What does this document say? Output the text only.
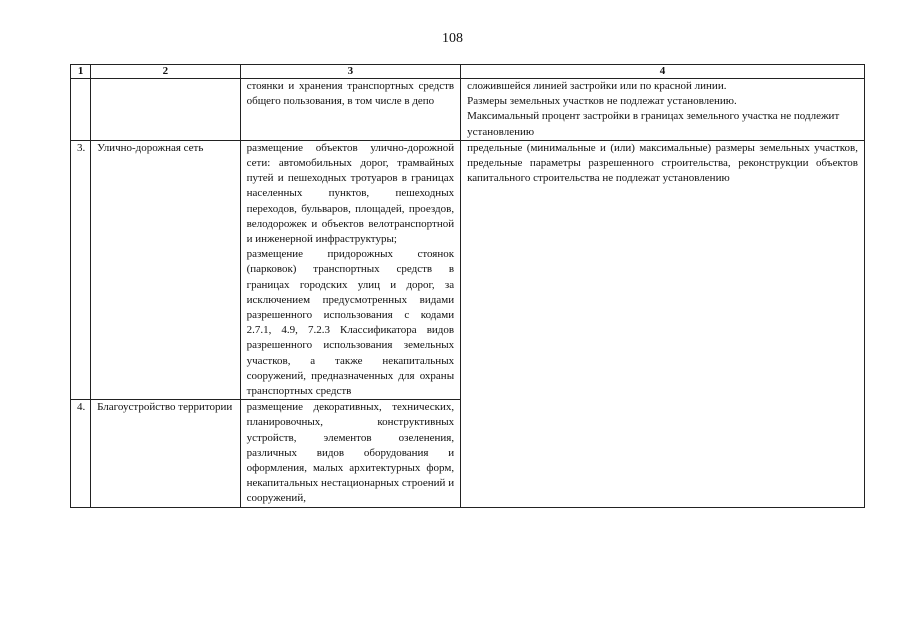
108
1	2	3	4

		стоянки и хранения транспортных средств общего пользования, в том числе в депо	сложившейся линией застройки или по красной линии.
Размеры земельных участков не подлежат установлению.
Максимальный процент застройки в границах земельного участка не подлежит установлению

3.	Улично-дорожная сеть	размещение объектов улично-дорожной сети: автомобильных дорог, трамвайных путей и пешеходных тротуаров в границах населенных пунктов, пешеходных переходов, бульваров, площадей, проездов, велодорожек и объектов велотранспортной и инженерной инфраструктуры;
размещение придорожных стоянок (парковок) транспортных средств в границах городских улиц и дорог, за исключением предусмотренных видами разрешенного использования с кодами 2.7.1, 4.9, 7.2.3 Классификатора видов разрешенного использования земельных участков, а также некапитальных сооружений, предназначенных для охраны транспортных средств	предельные (минимальные и (или) максимальные) размеры земельных участков, предельные параметры разрешенного строительства, реконструкции объектов капитального строительства не подлежат установлению

4.	Благоустройство территории	размещение декоративных, технических, планировочных, конструктивных устройств, элементов озеленения, различных видов оборудования и оформления, малых архитектурных форм, некапитальных нестационарных строений и сооружений,	
